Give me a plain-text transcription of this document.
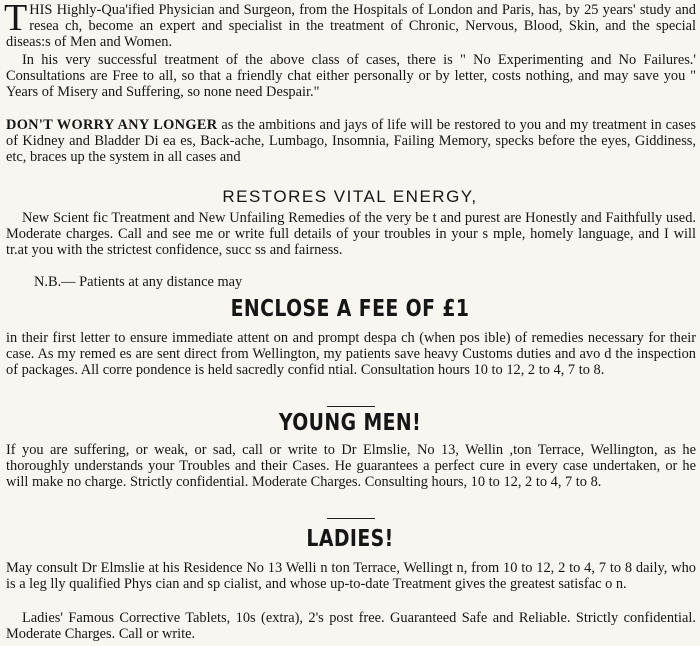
THIS Highly-Qua'ified Physician and Surgeon, from the Hospitals of London and Paris, has, by 25 years' study and resea ch, become an expert and specialist in the treatment of Chronic, Nervous, Blood, Skin, and the special diseas:s of Men and Women.

In his very successful treatment of the above class of cases, there is " No Experimenting and No Failures.' Consultations are Free to all, so that a friendly chat either personally or by letter, costs nothing, and may save you " Years of Misery and Suffering, so none need Despair."

DON'T WORRY ANY LONGER as the ambitions and jays of life will be restored to you and my treatment in cases of Kidney and Bladder Di ea es, Back-ache, Lumbago, Insomnia, Failing Memory, specks before the eyes, Giddiness, etc, braces up the system in all cases and

RESTORES VITAL ENERGY,

New Scient fic Treatment and New Unfailing Remedies of the very be t and purest are Honestly and Faithfully used. Moderate charges. Call and see me or write full details of your troubles in your s mple, homely language, and I will tr.at you with the strictest confidence, succ ss and fairness.

N.B.— Patients at any distance may

ENCLOSE A FEE OF £1

in their first letter to ensure immediate attent on and prompt despa ch (when pos ible) of remedies necessary for their case. As my remed es are sent direct from Wellington, my patients save heavy Customs duties and avo d the inspection of packages. All corre pondence is held sacredly confid ntial. Consultation hours 10 to 12, 2 to 4, 7 to 8.

YOUNG MEN!

If you are suffering, or weak, or sad, call or write to Dr Elmslie, No 13, Wellin ,ton Terrace, Wellington, as he thoroughly understands your Troubles and their Cases. He guarantees a perfect cure in every case undertaken, or he will make no charge. Strictly confidential. Moderate Charges. Consulting hours, 10 to 12, 2 to 4, 7 to 8.

LADIES!

May consult Dr Elmslie at his Residence No 13 Welli n ton Terrace, Wellingt n, from 10 to 12, 2 to 4, 7 to 8 daily, who is a leg lly qualified Phys cian and sp cialist, and whose up-to-date Treatment gives the greatest satisfac o n.

Ladies' Famous Corrective Tablets, 10s (extra), 2's post free. Guaranteed Safe and Reliable. Strictly confidential. Moderate Charges. Call or write.
